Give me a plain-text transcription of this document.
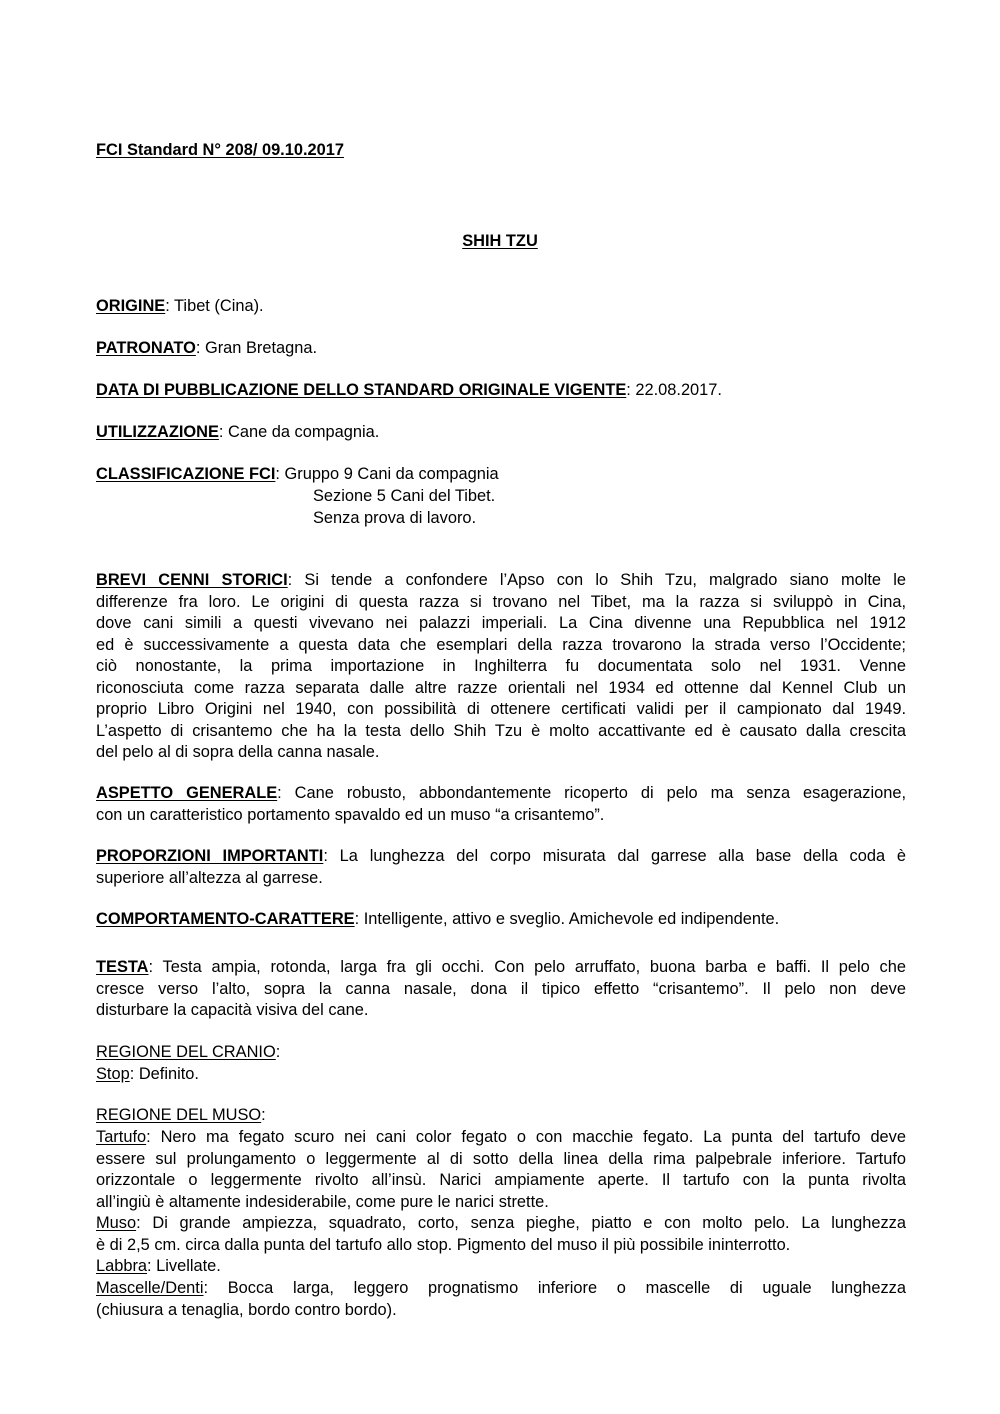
FCI Standard N° 208/ 09.10.2017
SHIH TZU
ORIGINE: Tibet (Cina).
PATRONATO: Gran Bretagna.
DATA DI PUBBLICAZIONE DELLO STANDARD ORIGINALE VIGENTE: 22.08.2017.
UTILIZZAZIONE: Cane da compagnia.
CLASSIFICAZIONE FCI: Gruppo 9 Cani da compagnia
Sezione 5 Cani del Tibet.
Senza prova di lavoro.
BREVI CENNI STORICI: Si tende a confondere l’Apso con lo Shih Tzu, malgrado siano molte le
differenze fra loro. Le origini di questa razza si trovano nel Tibet, ma la razza si sviluppò in Cina,
dove cani simili a questi vivevano nei palazzi imperiali. La Cina divenne una Repubblica nel 1912
ed è successivamente a questa data che esemplari della razza trovarono la strada verso l’Occidente;
ciò nonostante, la prima importazione in Inghilterra fu documentata solo nel 1931. Venne
riconosciuta come razza separata dalle altre razze orientali nel 1934 ed ottenne dal Kennel Club un
proprio Libro Origini nel 1940, con possibilità di ottenere certificati validi per il campionato dal 1949.
L’aspetto di crisantemo che ha la testa dello Shih Tzu è molto accattivante ed è causato dalla crescita
del pelo al di sopra della canna nasale.
ASPETTO GENERALE: Cane robusto, abbondantemente ricoperto di pelo ma senza esagerazione,
con un caratteristico portamento spavaldo ed un muso “a crisantemo”.
PROPORZIONI IMPORTANTI: La lunghezza del corpo misurata dal garrese alla base della coda è
superiore all’altezza al garrese.
COMPORTAMENTO-CARATTERE: Intelligente, attivo e sveglio. Amichevole ed indipendente.
TESTA: Testa ampia, rotonda, larga fra gli occhi. Con pelo arruffato, buona barba e baffi. Il pelo che
cresce verso l’alto, sopra la canna nasale, dona il tipico effetto “crisantemo”. Il pelo non deve
disturbare la capacità visiva del cane.
REGIONE DEL CRANIO:
Stop: Definito.
REGIONE DEL MUSO:
Tartufo: Nero ma fegato scuro nei cani color fegato o con macchie fegato. La punta del tartufo deve
essere sul prolungamento o leggermente al di sotto della linea della rima palpebrale inferiore. Tartufo
orizzontale o leggermente rivolto all’insù. Narici ampiamente aperte. Il tartufo con la punta rivolta
all’ingiù è altamente indesiderabile, come pure le narici strette.
Muso: Di grande ampiezza, squadrato, corto, senza pieghe, piatto e con molto pelo. La lunghezza
è di 2,5 cm. circa dalla punta del tartufo allo stop. Pigmento del muso il più possibile ininterrotto.
Labbra: Livellate.
Mascelle/Denti: Bocca larga, leggero prognatismo inferiore o mascelle di uguale lunghezza
(chiusura a tenaglia, bordo contro bordo).
